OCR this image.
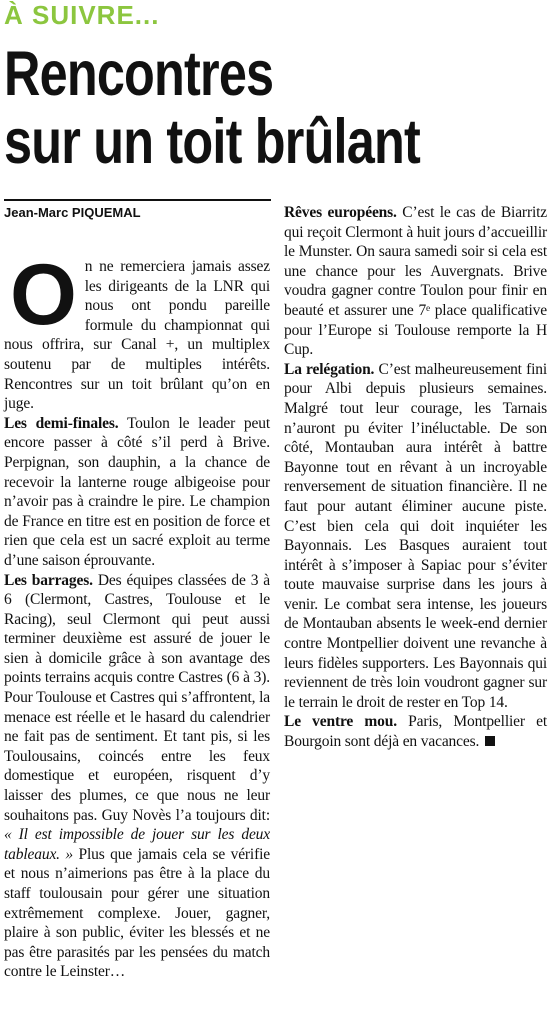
À SUIVRE...
Rencontres
sur un toit brûlant
Jean-Marc PIQUEMAL

On ne remerciera jamais assez les dirigeants de la LNR qui nous ont pondu pareille formule du championnat qui nous offrira, sur Canal +, un multiplex soutenu par de multiples intérêts. Rencontres sur un toit brûlant qu’on en juge.

Les demi-finales. Toulon le leader peut encore passer à côté s’il perd à Brive. Perpignan, son dauphin, a la chance de recevoir la lanterne rouge albigeoise pour n’avoir pas à craindre le pire. Le champion de France en titre est en position de force et rien que cela est un sacré exploit au terme d’une saison éprouvante.

Les barrages. Des équipes classées de 3 à 6 (Clermont, Castres, Toulouse et le Racing), seul Clermont qui peut aussi terminer deuxième est assuré de jouer le sien à domicile grâce à son avantage des points terrains acquis contre Castres (6 à 3). Pour Toulouse et Castres qui s’affrontent, la menace est réelle et le hasard du calendrier ne fait pas de sentiment. Et tant pis, si les Toulousains, coincés entre les feux domestique et européen, risquent d’y laisser des plumes, ce que nous ne leur souhaitons pas. Guy Novès l’a toujours dit: « Il est impossible de jouer sur les deux tableaux. » Plus que jamais cela se vérifie et nous n’aimerions pas être à la place du staff toulousain pour gérer une situation extrêmement complexe. Jouer, gagner, plaire à son public, éviter les blessés et ne pas être parasités par les pensées du match contre le Leinster…

Rêves européens. C’est le cas de Biarritz qui reçoit Clermont à huit jours d’accueillir le Munster. On saura samedi soir si cela est une chance pour les Auvergnats. Brive voudra gagner contre Toulon pour finir en beauté et assurer une 7ᵉ place qualificative pour l’Europe si Toulouse remporte la H Cup.

La relégation. C’est malheureusement fini pour Albi depuis plusieurs semaines. Malgré tout leur courage, les Tarnais n’auront pu éviter l’inéluctable. De son côté, Montauban aura intérêt à battre Bayonne tout en rêvant à un incroyable renversement de situation financière. Il ne faut pour autant éliminer aucune piste. C’est bien cela qui doit inquiéter les Bayonnais. Les Basques auraient tout intérêt à s’imposer à Sapiac pour s’éviter toute mauvaise surprise dans les jours à venir. Le combat sera intense, les joueurs de Montauban absents le week-end dernier contre Montpellier doivent une revanche à leurs fidèles supporters. Les Bayonnais qui reviennent de très loin voudront gagner sur le terrain le droit de rester en Top 14.

Le ventre mou. Paris, Montpellier et Bourgoin sont déjà en vacances.
